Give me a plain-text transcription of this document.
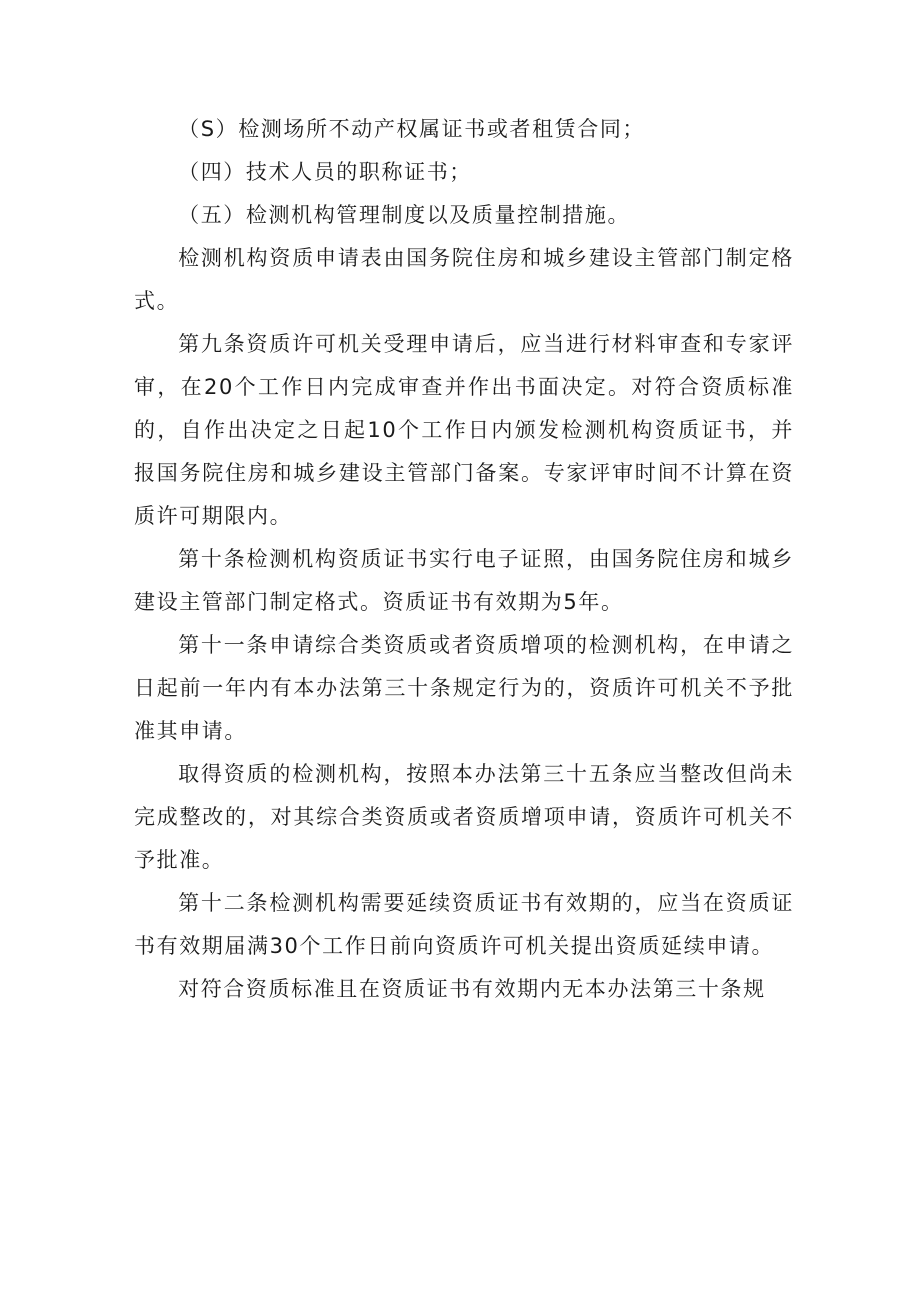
（S）检测场所不动产权属证书或者租赁合同；

（四）技术人员的职称证书；

（五）检测机构管理制度以及质量控制措施。

检测机构资质申请表由国务院住房和城乡建设主管部门制定格式。

第九条资质许可机关受理申请后，应当进行材料审查和专家评审，在20个工作日内完成审查并作出书面决定。对符合资质标准的，自作出决定之日起10个工作日内颁发检测机构资质证书，并报国务院住房和城乡建设主管部门备案。专家评审时间不计算在资质许可期限内。

第十条检测机构资质证书实行电子证照，由国务院住房和城乡建设主管部门制定格式。资质证书有效期为5年。

第十一条申请综合类资质或者资质增项的检测机构，在申请之日起前一年内有本办法第三十条规定行为的，资质许可机关不予批准其申请。

取得资质的检测机构，按照本办法第三十五条应当整改但尚未完成整改的，对其综合类资质或者资质增项申请，资质许可机关不予批准。

第十二条检测机构需要延续资质证书有效期的，应当在资质证书有效期届满30个工作日前向资质许可机关提出资质延续申请。

对符合资质标准且在资质证书有效期内无本办法第三十条规
